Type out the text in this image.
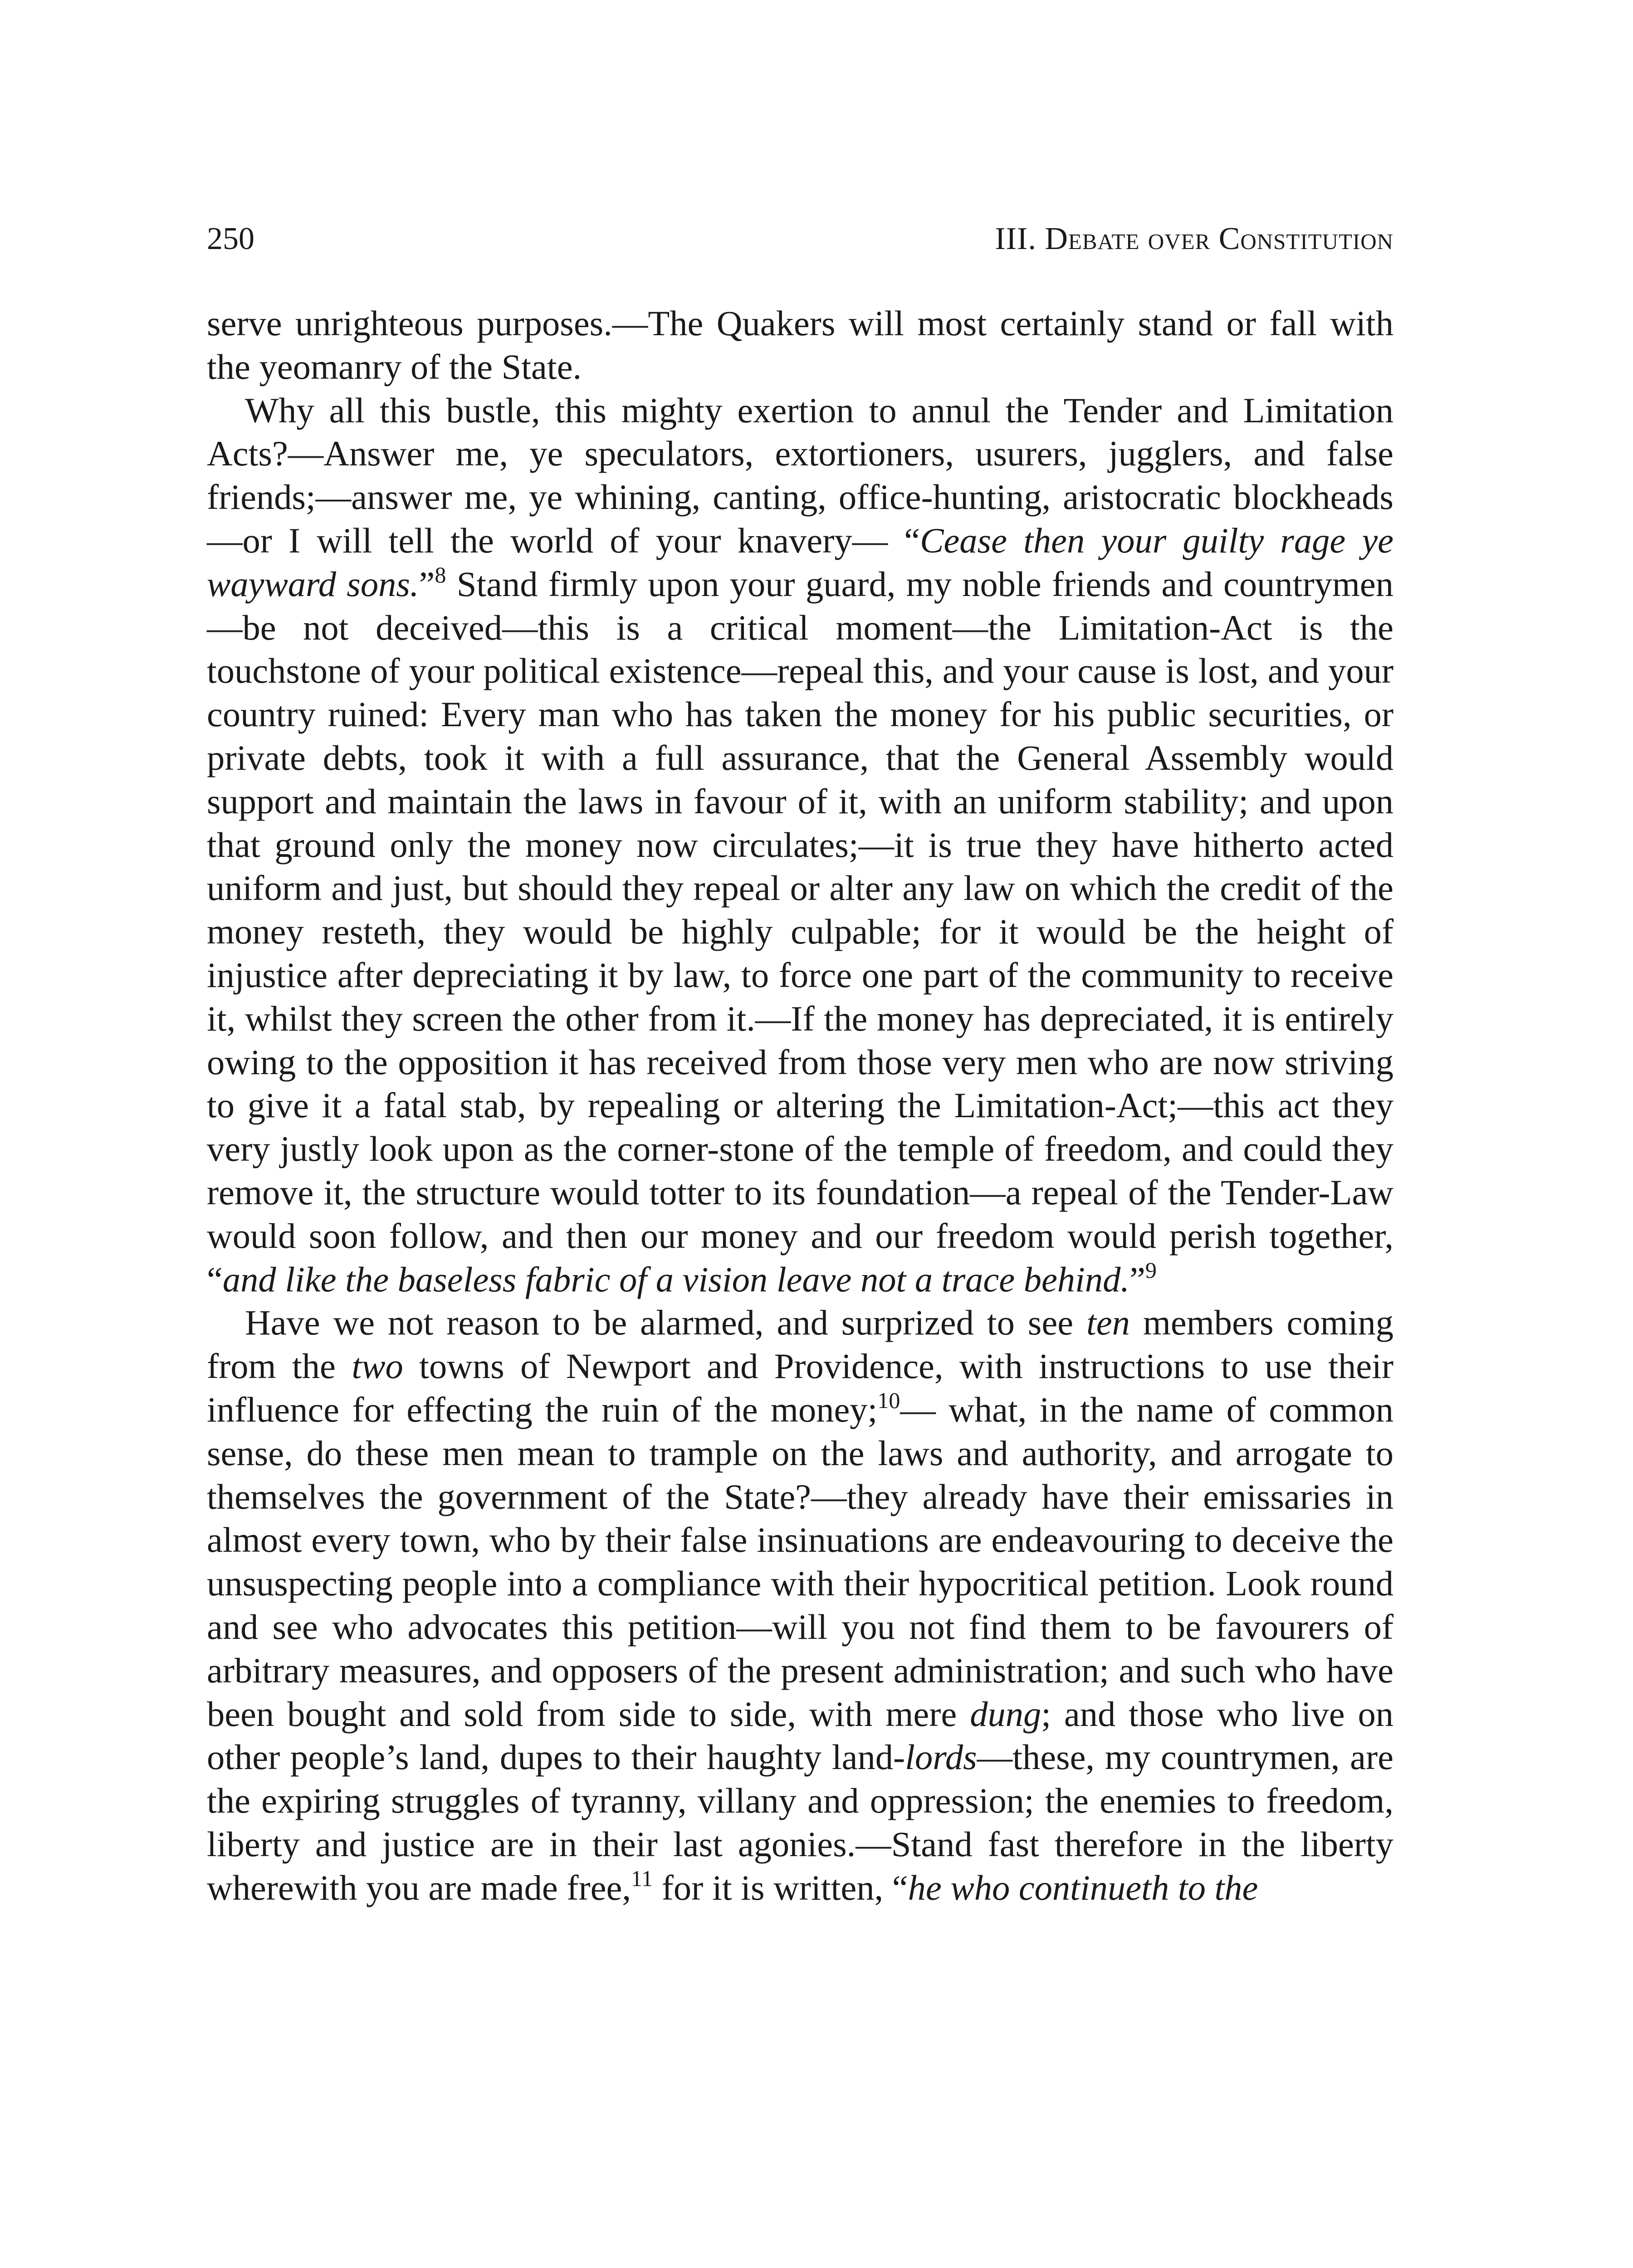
250	III. Debate over Constitution

serve unrighteous purposes.—The Quakers will most certainly stand or fall with the yeomanry of the State.

Why all this bustle, this mighty exertion to annul the Tender and Limitation Acts?—Answer me, ye speculators, extortioners, usurers, jugglers, and false friends;—answer me, ye whining, canting, office-hunting, aristocratic blockheads—or I will tell the world of your knavery— “Cease then your guilty rage ye wayward sons.”$^8$ Stand firmly upon your guard, my noble friends and countrymen—be not deceived—this is a critical moment—the Limitation-Act is the touchstone of your political existence—repeal this, and your cause is lost, and your country ruined: Every man who has taken the money for his public securities, or private debts, took it with a full assurance, that the General Assembly would support and maintain the laws in favour of it, with an uniform stability; and upon that ground only the money now circulates;—it is true they have hitherto acted uniform and just, but should they repeal or alter any law on which the credit of the money resteth, they would be highly culpable; for it would be the height of injustice after depreciating it by law, to force one part of the community to receive it, whilst they screen the other from it.—If the money has depreciated, it is entirely owing to the opposition it has received from those very men who are now striving to give it a fatal stab, by repealing or altering the Limitation-Act;—this act they very justly look upon as the corner-stone of the temple of freedom, and could they remove it, the structure would totter to its foundation—a repeal of the Tender-Law would soon follow, and then our money and our freedom would perish together, “and like the baseless fabric of a vision leave not a trace behind.”$^9$

Have we not reason to be alarmed, and surprized to see ten members coming from the two towns of Newport and Providence, with instructions to use their influence for effecting the ruin of the money;$^{10}$— what, in the name of common sense, do these men mean to trample on the laws and authority, and arrogate to themselves the government of the State?—they already have their emissaries in almost every town, who by their false insinuations are endeavouring to deceive the unsuspecting people into a compliance with their hypocritical petition. Look round and see who advocates this petition—will you not find them to be favourers of arbitrary measures, and opposers of the present administration; and such who have been bought and sold from side to side, with mere dung; and those who live on other people’s land, dupes to their haughty land-lords—these, my countrymen, are the expiring struggles of tyranny, villany and oppression; the enemies to freedom, liberty and justice are in their last agonies.—Stand fast therefore in the liberty wherewith you are made free,$^{11}$ for it is written, “he who continueth to the
